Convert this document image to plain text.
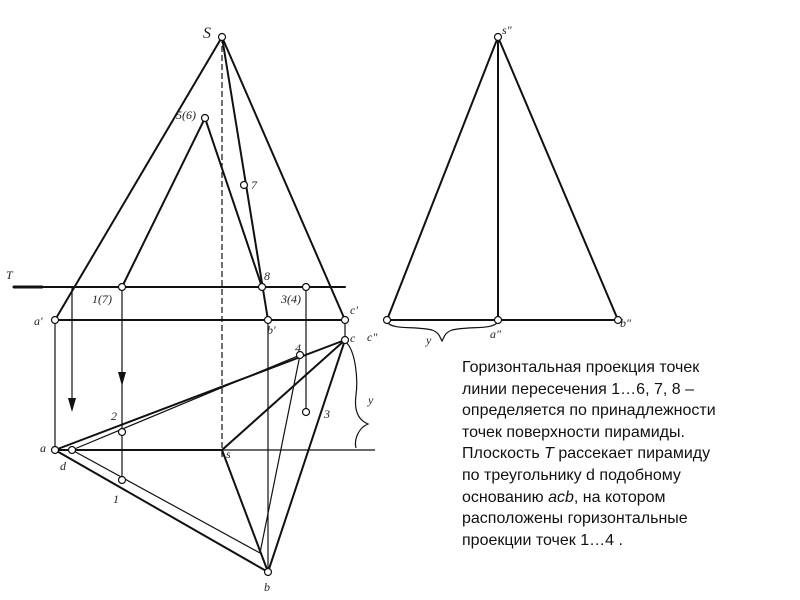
S
5(6)
7
T
1(7)
8
3(4)
c'
a'
b'
4
c
2	3
y
a
d
s
1
b
s"
c"	a"
b"
y

Горизонтальная проекция точек

линии пересечения 1…6, 7, 8 –

определяется по принадлежности

точек поверхности пирамиды.

Плоскость Т рассекает пирамиду

по треугольнику d подобному

основанию acb, на котором

расположены горизонтальные

проекции точек 1…4 .
